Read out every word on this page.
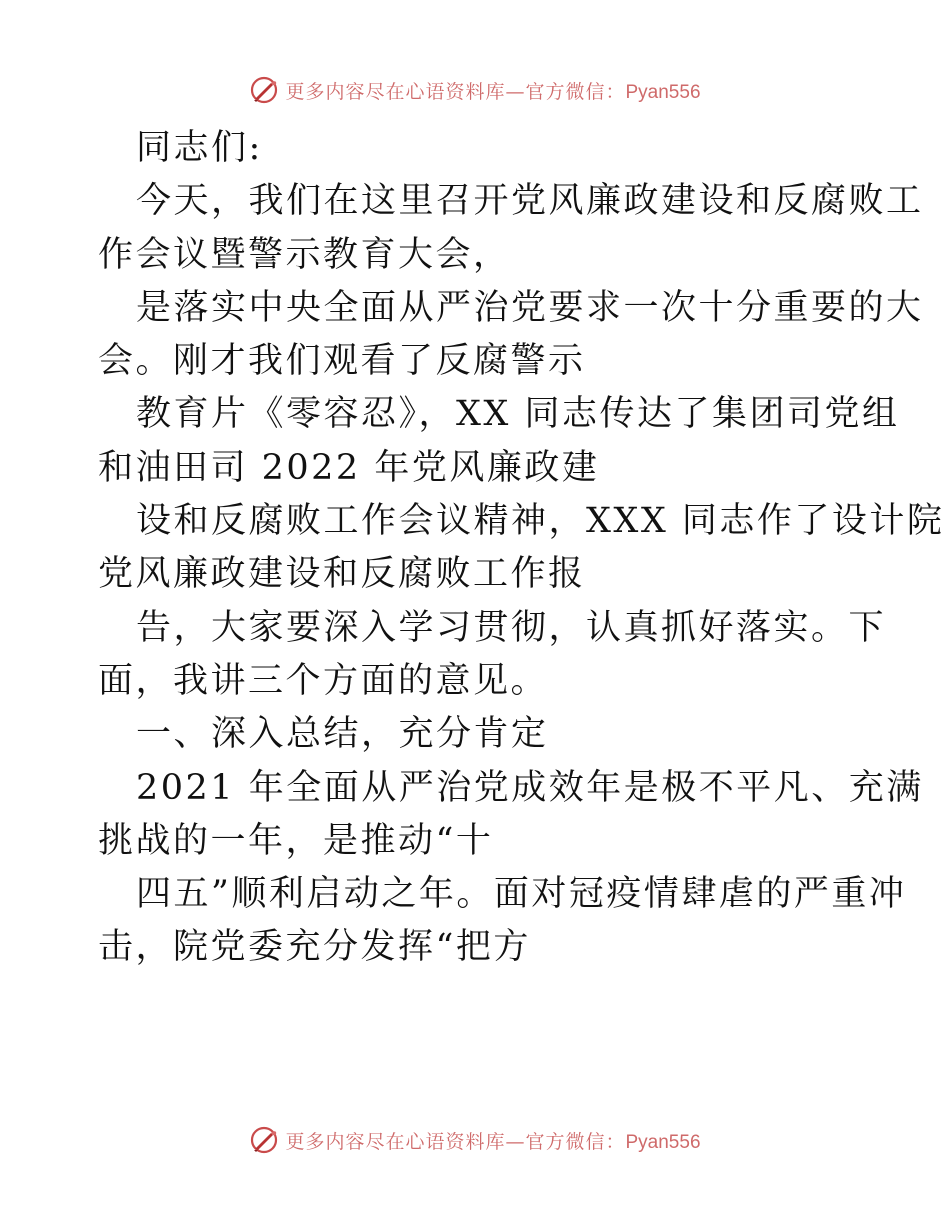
更多内容尽在心语资料库—官方微信：Pyan556
同志们:
今天，我们在这里召开党风廉政建设和反腐败工
作会议暨警示教育大会，
是落实中央全面从严治党要求一次十分重要的大
会。刚才我们观看了反腐警示
教育片《零容忍》，XX 同志传达了集团司党组
和油田司 2022 年党风廉政建
设和反腐败工作会议精神，XXX 同志作了设计院
党风廉政建设和反腐败工作报
告，大家要深入学习贯彻，认真抓好落实。下
面，我讲三个方面的意见。
一、深入总结，充分肯定
2021 年全面从严治党成效年是极不平凡、充满
挑战的一年，是推动“十
四五”顺利启动之年。面对冠疫情肆虐的严重冲
击，院党委充分发挥“把方
更多内容尽在心语资料库—官方微信：Pyan556
